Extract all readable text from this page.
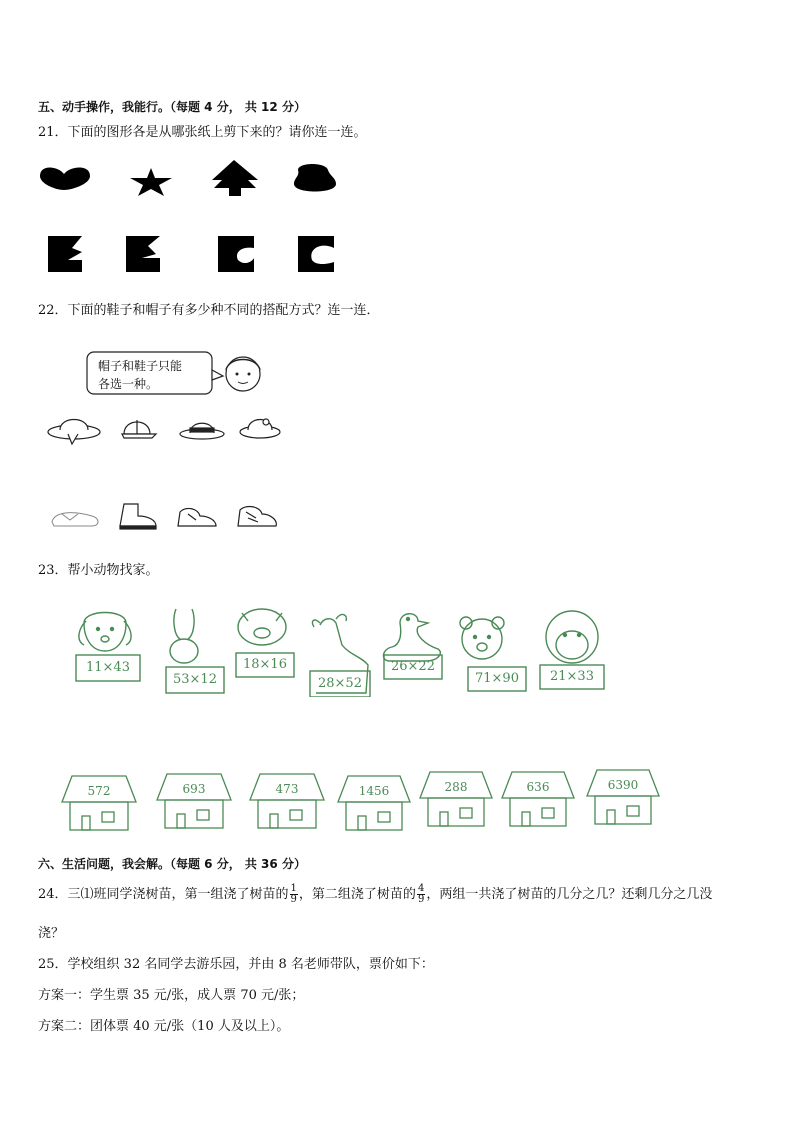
五、动手操作，我能行。（每题 4 分， 共 12 分）
21．下面的图形各是从哪张纸上剪下来的？请你连一连。
22．下面的鞋子和帽子有多少种不同的搭配方式？连一连．
帽子和鞋子只能
各选一种。
23．帮小动物找家。
11×43
53×12
18×16
28×52
26×22
71×90	21×33
572	693	473	1456	288	636	6390
六、生活问题，我会解。（每题 6 分， 共 36 分）
24．三⑴班同学浇树苗，第一组浇了树苗的 $\frac{1}{9}$ ，第二组浇了树苗的 $\frac{4}{9}$ ，两组一共浇了树苗的几分之几？还剩几分之几没
浇？
25．学校组织 32 名同学去游乐园，并由 8 名老师带队，票价如下：
方案一：学生票 35 元/张，成人票 70 元/张；
方案二：团体票 40 元/张（10 人及以上）。
